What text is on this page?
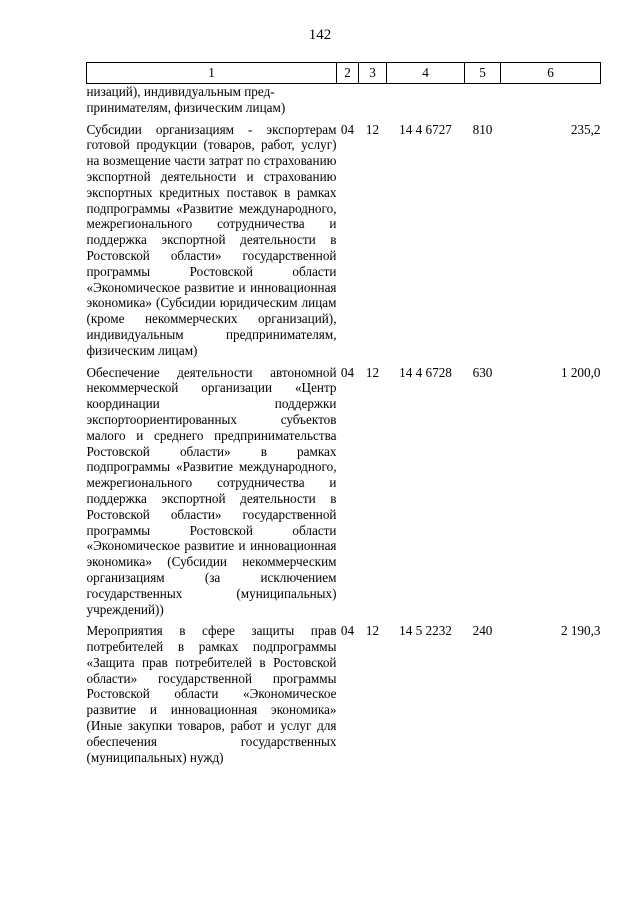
142
1	2	3	4	5	6
низаций), индивидуальным пред-
принимателям, физическим лицам)					
Субсидии организациям - экспортерам готовой продукции (товаров, работ, услуг) на возмещение части затрат по страхованию экспортной деятельности и страхованию экспортных кредитных поставок в рамках подпрограммы «Развитие международного, межрегионального сотрудничества и поддержка экспортной деятельности в Ростовской области» государственной программы Ростовской области «Экономическое развитие и инновационная экономика» (Субсидии юридическим лицам (кроме некоммерческих организаций), индивидуальным предпринимателям, физическим лицам)	04	12	14 4 6727	810	235,2
Обеспечение деятельности автономной некоммерческой организации «Центр координации поддержки экспортоориентированных субъектов малого и среднего предпринимательства Ростовской области» в рамках подпрограммы «Развитие международного, межрегионального сотрудничества и поддержка экспортной деятельности в Ростовской области» государственной программы Ростовской области «Экономическое развитие и инновационная экономика» (Субсидии некоммерческим организациям (за исключением государственных (муниципальных) учреждений))	04	12	14 4 6728	630	1 200,0
Мероприятия в сфере защиты прав потребителей в рамках подпрограммы «Защита прав потребителей в Ростовской области» государственной программы Ростовской области «Экономическое развитие и инновационная экономика» (Иные закупки товаров, работ и услуг для обеспечения государственных (муниципальных) нужд)	04	12	14 5 2232	240	2 190,3
